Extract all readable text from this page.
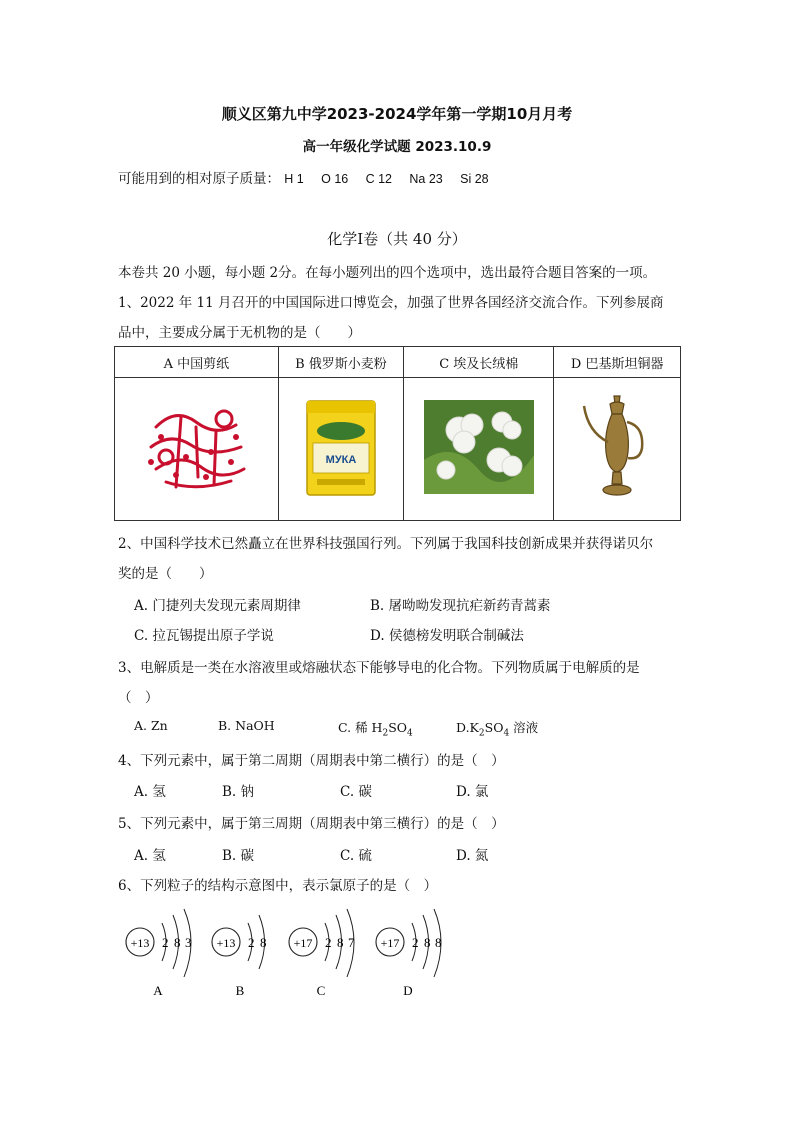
顺义区第九中学2023-2024学年第一学期10月月考
高一年级化学试题 2023.10.9
可能用到的相对原子质量： H 1 O 16 C 12 Na 23 Si 28
化学Ⅰ卷（共 40 分）
本卷共 20 小题，每小题 2分。在每小题列出的四个选项中，选出最符合题目答案的一项。
1、2022 年 11 月召开的中国国际进口博览会，加强了世界各国经济交流合作。下列参展商
品中，主要成分属于无机物的是（　　）
A 中国剪纸	B 俄罗斯小麦粉	C 埃及长绒棉	D 巴基斯坦铜器

МУКА

2、中国科学技术已然矗立在世界科技强国行列。下列属于我国科技创新成果并获得诺贝尔
奖的是（　　）
A. 门捷列夫发现元素周期律	B. 屠呦呦发现抗疟新药青蒿素
C. 拉瓦锡提出原子学说	D. 侯德榜发明联合制碱法
3、电解质是一类在水溶液里或熔融状态下能够导电的化合物。下列物质属于电解质的是
（　）
A. Zn	B. NaOH	C. 稀 $H_2SO_4$	$D.K_2SO_4$ 溶液
4、下列元素中，属于第二周期（周期表中第二横行）的是（　）
A. 氢	B. 钠	C. 碳	D. 氯
5、下列元素中，属于第三周期（周期表中第三横行）的是（　）
A. 氢	B. 碳	C. 硫	D. 氮
6、下列粒子的结构示意图中，表示氯原子的是（　）
+13 2 8 3
A
+13 2 8
B
+17 2 8 7
C
+17 2 8 8
D
